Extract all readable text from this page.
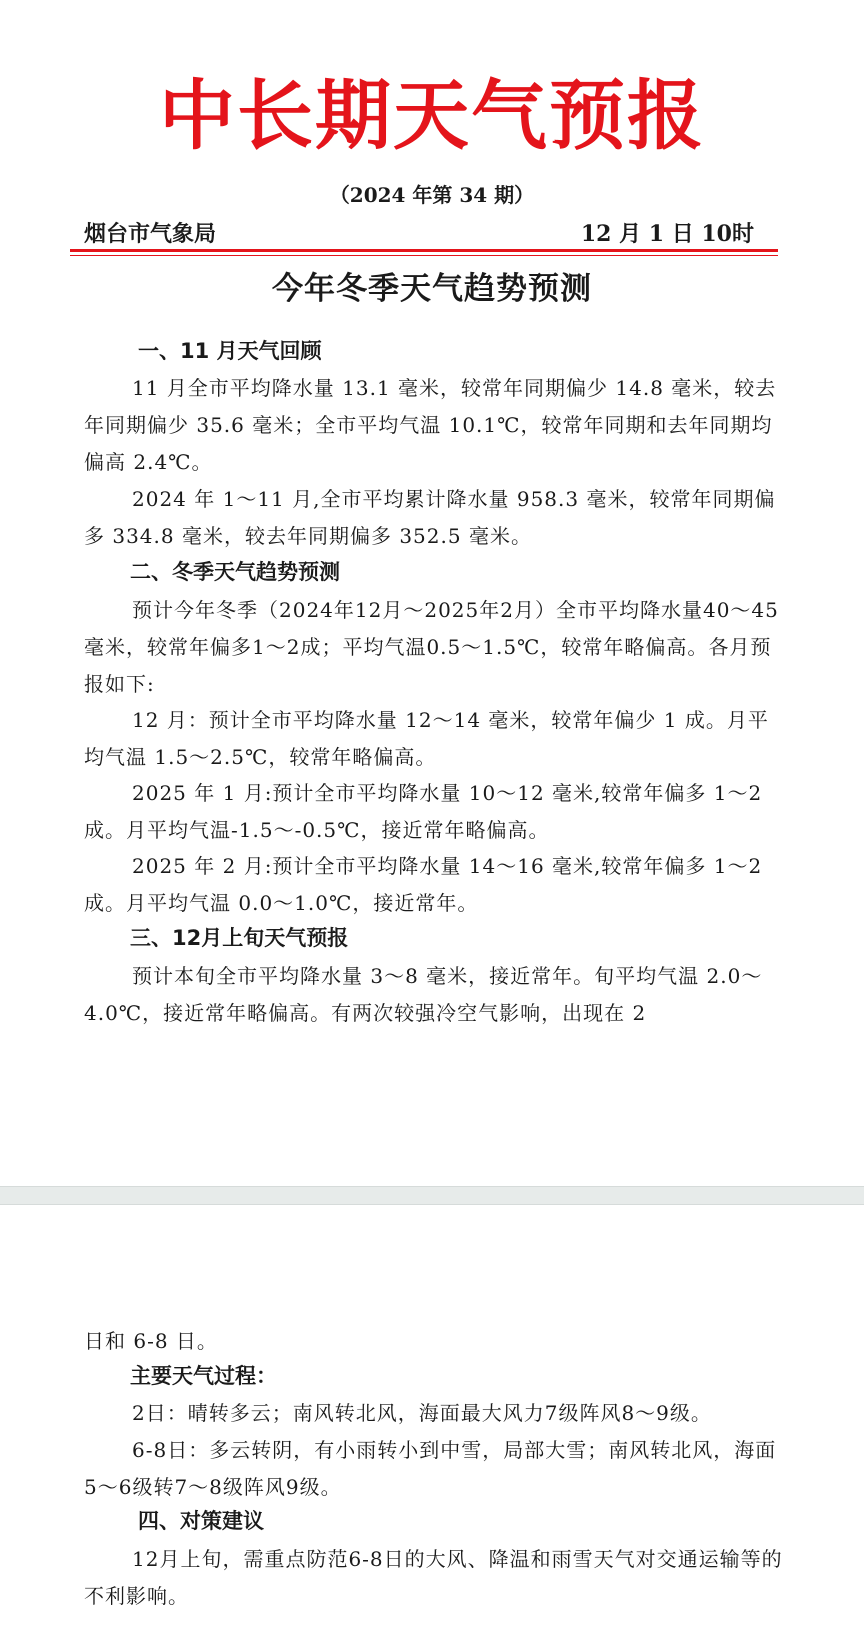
中长期天气预报
（2024 年第 34 期）
烟台市气象局	12 月 1 日 10时
今年冬季天气趋势预测
一、11 月天气回顾

11 月全市平均降水量 13.1 毫米，较常年同期偏少 14.8 毫米，较去年同期偏少 35.6 毫米；全市平均气温 10.1℃，较常年同期和去年同期均偏高 2.4℃。

2024 年 1～11 月,全市平均累计降水量 958.3 毫米，较常年同期偏多 334.8 毫米，较去年同期偏多 352.5 毫米。

二、冬季天气趋势预测

预计今年冬季（2024年12月～2025年2月）全市平均降水量40～45毫米，较常年偏多1～2成；平均气温0.5～1.5℃，较常年略偏高。各月预报如下:

12 月：预计全市平均降水量 12～14 毫米，较常年偏少 1 成。月平均气温 1.5～2.5℃，较常年略偏高。

2025 年 1 月:预计全市平均降水量 10～12 毫米,较常年偏多 1～2 成。月平均气温-1.5～-0.5℃，接近常年略偏高。

2025 年 2 月:预计全市平均降水量 14～16 毫米,较常年偏多 1～2 成。月平均气温 0.0～1.0℃，接近常年。

三、12月上旬天气预报

预计本旬全市平均降水量 3～8 毫米，接近常年。旬平均气温 2.0～4.0℃，接近常年略偏高。有两次较强冷空气影响，出现在 2

日和 6-8 日。

主要天气过程：

2日：晴转多云；南风转北风，海面最大风力7级阵风8～9级。

6-8日：多云转阴，有小雨转小到中雪，局部大雪；南风转北风，海面5～6级转7～8级阵风9级。

四、对策建议

12月上旬，需重点防范6-8日的大风、降温和雨雪天气对交通运输等的不利影响。
